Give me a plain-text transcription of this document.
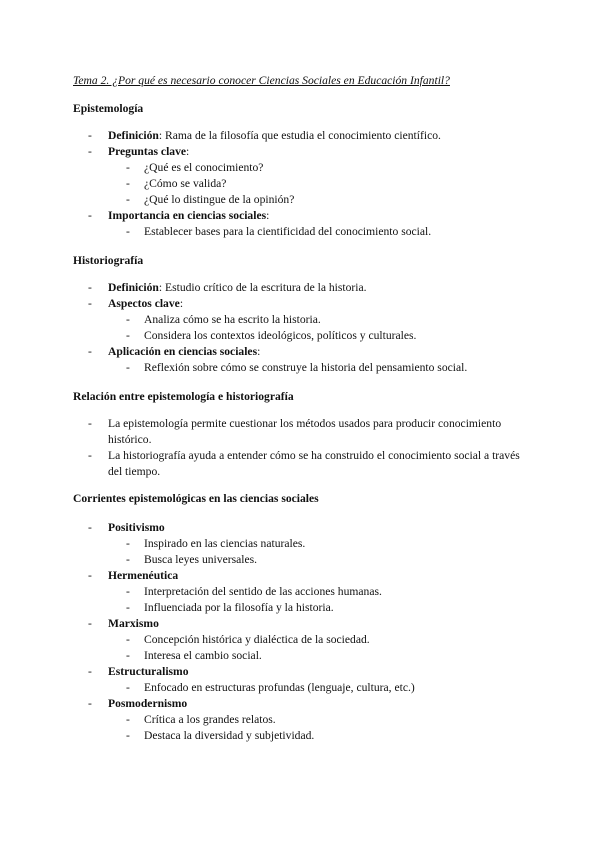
Tema 2. ¿Por qué es necesario conocer Ciencias Sociales en Educación Infantil?
Epistemología
- Definición: Rama de la filosofía que estudia el conocimiento científico.
- Preguntas clave:
- ¿Qué es el conocimiento?
- ¿Cómo se valida?
- ¿Qué lo distingue de la opinión?
- Importancia en ciencias sociales:
- Establecer bases para la cientificidad del conocimiento social.
Historiografía
- Definición: Estudio crítico de la escritura de la historia.
- Aspectos clave:
- Analiza cómo se ha escrito la historia.
- Considera los contextos ideológicos, políticos y culturales.
- Aplicación en ciencias sociales:
- Reflexión sobre cómo se construye la historia del pensamiento social.
Relación entre epistemología e historiografía
- La epistemología permite cuestionar los métodos usados para producir conocimiento histórico.
- La historiografía ayuda a entender cómo se ha construido el conocimiento social a través del tiempo.
Corrientes epistemológicas en las ciencias sociales
- Positivismo
- Inspirado en las ciencias naturales.
- Busca leyes universales.
- Hermenéutica
- Interpretación del sentido de las acciones humanas.
- Influenciada por la filosofía y la historia.
- Marxismo
- Concepción histórica y dialéctica de la sociedad.
- Interesa el cambio social.
- Estructuralismo
- Enfocado en estructuras profundas (lenguaje, cultura, etc.)
- Posmodernismo
- Crítica a los grandes relatos.
- Destaca la diversidad y subjetividad.
